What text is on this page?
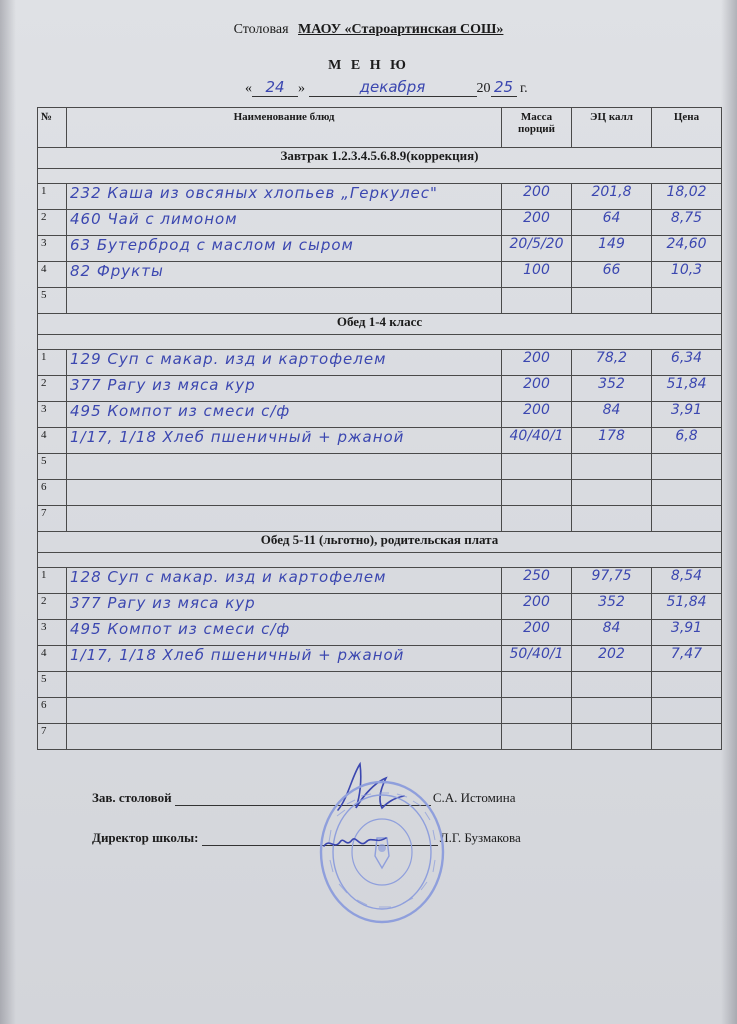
Столовая МАОУ «Староартинская СОШ»
М Е Н Ю
« 24 »	декабря	20 25 г.
№	Наименование блюд	Масса порций	ЭЦ калл	Цена
Завтрак 1.2.3.4.5.6.8.9(коррекция)				

1	232 Каша из овсяных хлопьев „Геркулес"	200	201,8	18,02
2	460 Чай с лимоном	200	64	8,75
3	63 Бутерброд с маслом и сыром	20/5/20	149	24,60
4	82 Фрукты	100	66	10,3
5				
Обед 1-4 класс				

1	129 Суп с макар. изд и картофелем	200	78,2	6,34
2	377 Рагу из мяса кур	200	352	51,84
3	495 Компот из смеси с/ф	200	84	3,91
4	1/17, 1/18 Хлеб пшеничный + ржаной	40/40/1	178	6,8
5				
6				
7				
Обед 5-11 (льготно), родительская плата				

1	128 Суп с макар. изд и картофелем	250	97,75	8,54
2	377 Рагу из мяса кур	200	352	51,84
3	495 Компот из смеси с/ф	200	84	3,91
4	1/17, 1/18 Хлеб пшеничный + ржаной	50/40/1	202	7,47
5				
6				
7				
Зав. столовой	С.А. Истомина
Директор школы:	Л.Г. Бузмакова
